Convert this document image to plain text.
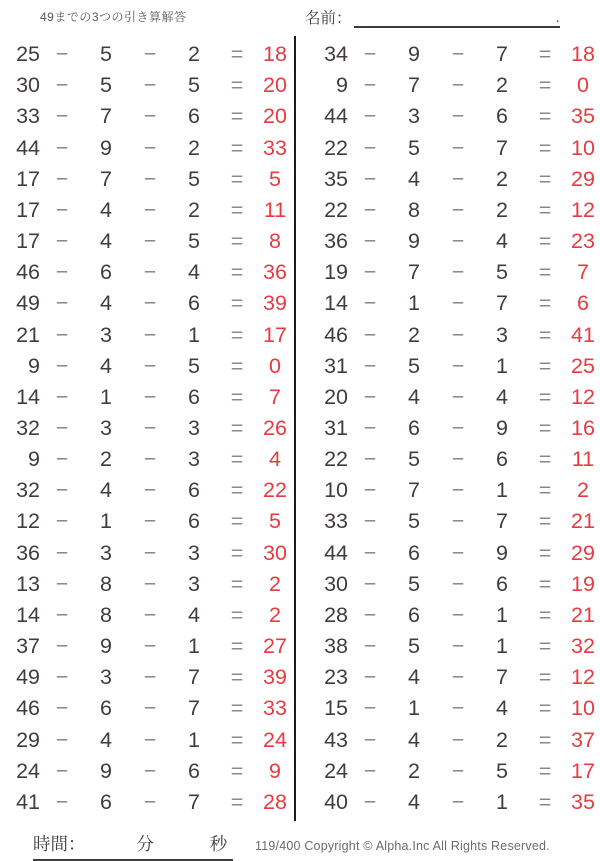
49までの3つの引き算解答	名前：	.
25 −	5	−	2	= 18
30 −	5	−	5	= 20
33 −	7	−	6	= 20
44 −	9	−	2	= 33
17 −	7	−	5	=	5
17 −	4	−	2	= 11
17 −	4	−	5	=	8
46 −	6	−	4	= 36
49 −	4	−	6	= 39
21 −	3	−	1	= 17
9 −	4	−	5	=	0
14 −	1	−	6	=	7
32 −	3	−	3	= 26
9 −	2	−	3	=	4
32 −	4	−	6	= 22
12 −	1	−	6	=	5
36 −	3	−	3	= 30
13 −	8	−	3	=	2
14 −	8	−	4	=	2
37 −	9	−	1	= 27
49 −	3	−	7	= 39
46 −	6	−	7	= 33
29 −	4	−	1	= 24
24 −	9	−	6	=	9
41 −	6	−	7	= 28
34 −	9	−	7	= 18
9 −	7	−	2	=	0
44 −	3	−	6	= 35
22 −	5	−	7	= 10
35 −	4	−	2	= 29
22 −	8	−	2	= 12
36 −	9	−	4	= 23
19 −	7	−	5	=	7
14 −	1	−	7	=	6
46 −	2	−	3	= 41
31 −	5	−	1	= 25
20 −	4	−	4	= 12
31 −	6	−	9	= 16
22 −	5	−	6	= 11
10 −	7	−	1	=	2
33 −	5	−	7	= 21
44 −	6	−	9	= 29
30 −	5	−	6	= 19
28 −	6	−	1	= 21
38 −	5	−	1	= 32
23 −	4	−	7	= 12
15 −	1	−	4	= 10
43 −	4	−	2	= 37
24 −	2	−	5	= 17
40 −	4	−	1	= 35
時間：	分	秒	119/400 Copyright © Alpha.Inc All Rights Reserved.
